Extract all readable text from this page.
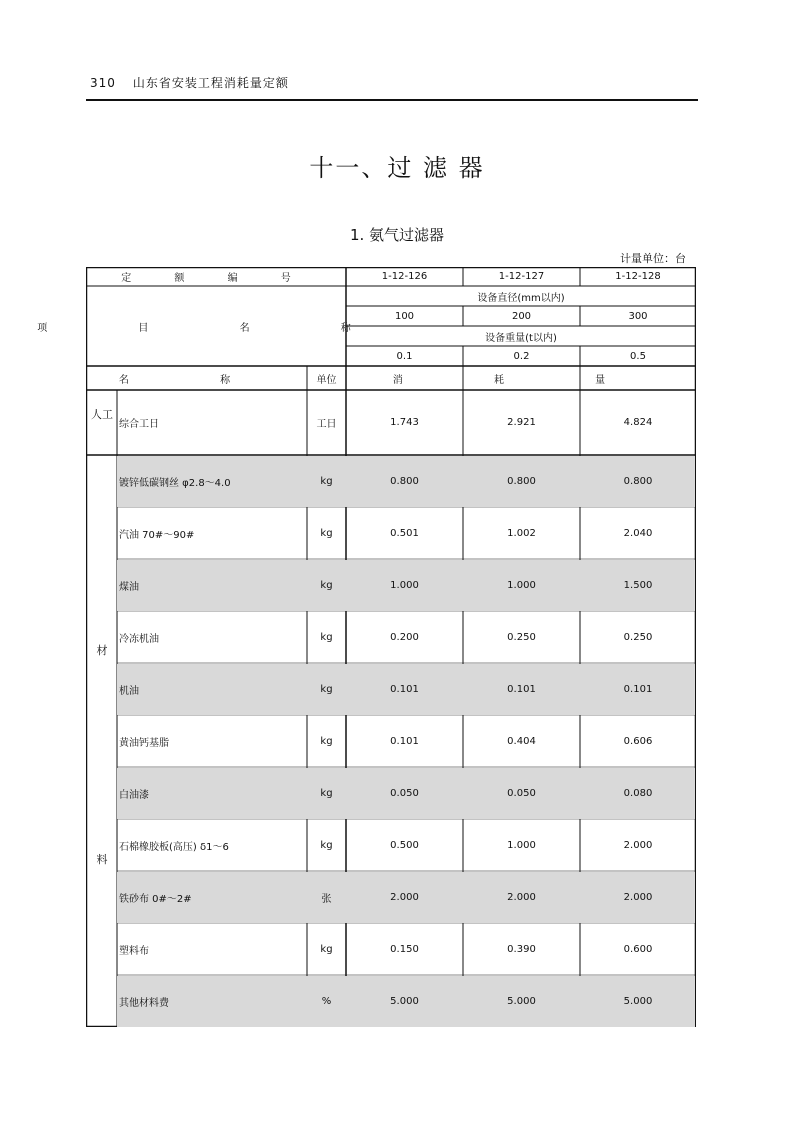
310 山东省安装工程消耗量定额
十一、过 滤 器
1. 氨气过滤器
计量单位：台
定 额 编 号	1-12-126	1-12-127	1-12-128
项 目 名 称
设备直径(mm以内)
100	200	300
设备重量(t以内)
0.1	0.2	0.5
名 称	单位	消 耗 量
人工
综合工日	工日	1.743	2.921	4.824
材
料
镀锌低碳钢丝 φ2.8～4.0	kg	0.800	0.800	0.800
汽油 70#～90#	kg	0.501	1.002	2.040
煤油	kg	1.000	1.000	1.500
冷冻机油	kg	0.200	0.250	0.250
机油	kg	0.101	0.101	0.101
黄油钙基脂	kg	0.101	0.404	0.606
白油漆	kg	0.050	0.050	0.080
石棉橡胶板(高压) δ1～6	kg	0.500	1.000	2.000
铁砂布 0#～2#	张	2.000	2.000	2.000
塑料布	kg	0.150	0.390	0.600
其他材料费	%	5.000	5.000	5.000
